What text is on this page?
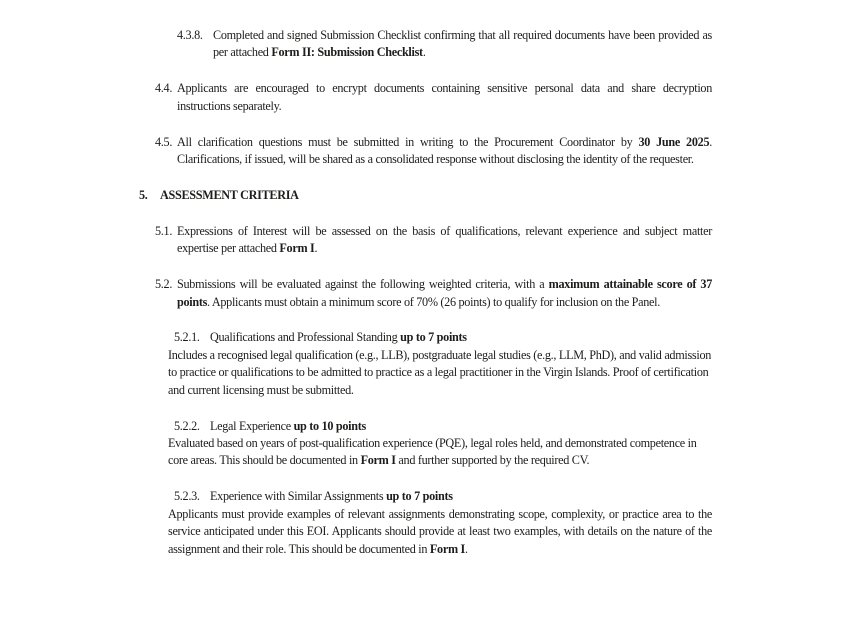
4.3.8. Completed and signed Submission Checklist confirming that all required documents have been provided as per attached Form II: Submission Checklist.

4.4. Applicants are encouraged to encrypt documents containing sensitive personal data and share decryption instructions separately.

4.5. All clarification questions must be submitted in writing to the Procurement Coordinator by 30 June 2025. Clarifications, if issued, will be shared as a consolidated response without disclosing the identity of the requester.

5. ASSESSMENT CRITERIA

5.1. Expressions of Interest will be assessed on the basis of qualifications, relevant experience and subject matter expertise per attached Form I.

5.2. Submissions will be evaluated against the following weighted criteria, with a maximum attainable score of 37 points. Applicants must obtain a minimum score of 70% (26 points) to qualify for inclusion on the Panel.

5.2.1. Qualifications and Professional Standing up to 7 points

Includes a recognised legal qualification (e.g., LLB), postgraduate legal studies (e.g., LLM, PhD), and valid admission to practice or qualifications to be admitted to practice as a legal practitioner in the Virgin Islands. Proof of certification and current licensing must be submitted.

5.2.2. Legal Experience up to 10 points

Evaluated based on years of post-qualification experience (PQE), legal roles held, and demonstrated competence in core areas. This should be documented in Form I and further supported by the required CV.

5.2.3. Experience with Similar Assignments up to 7 points

Applicants must provide examples of relevant assignments demonstrating scope, complexity, or practice area to the service anticipated under this EOI. Applicants should provide at least two examples, with details on the nature of the assignment and their role. This should be documented in Form I.
